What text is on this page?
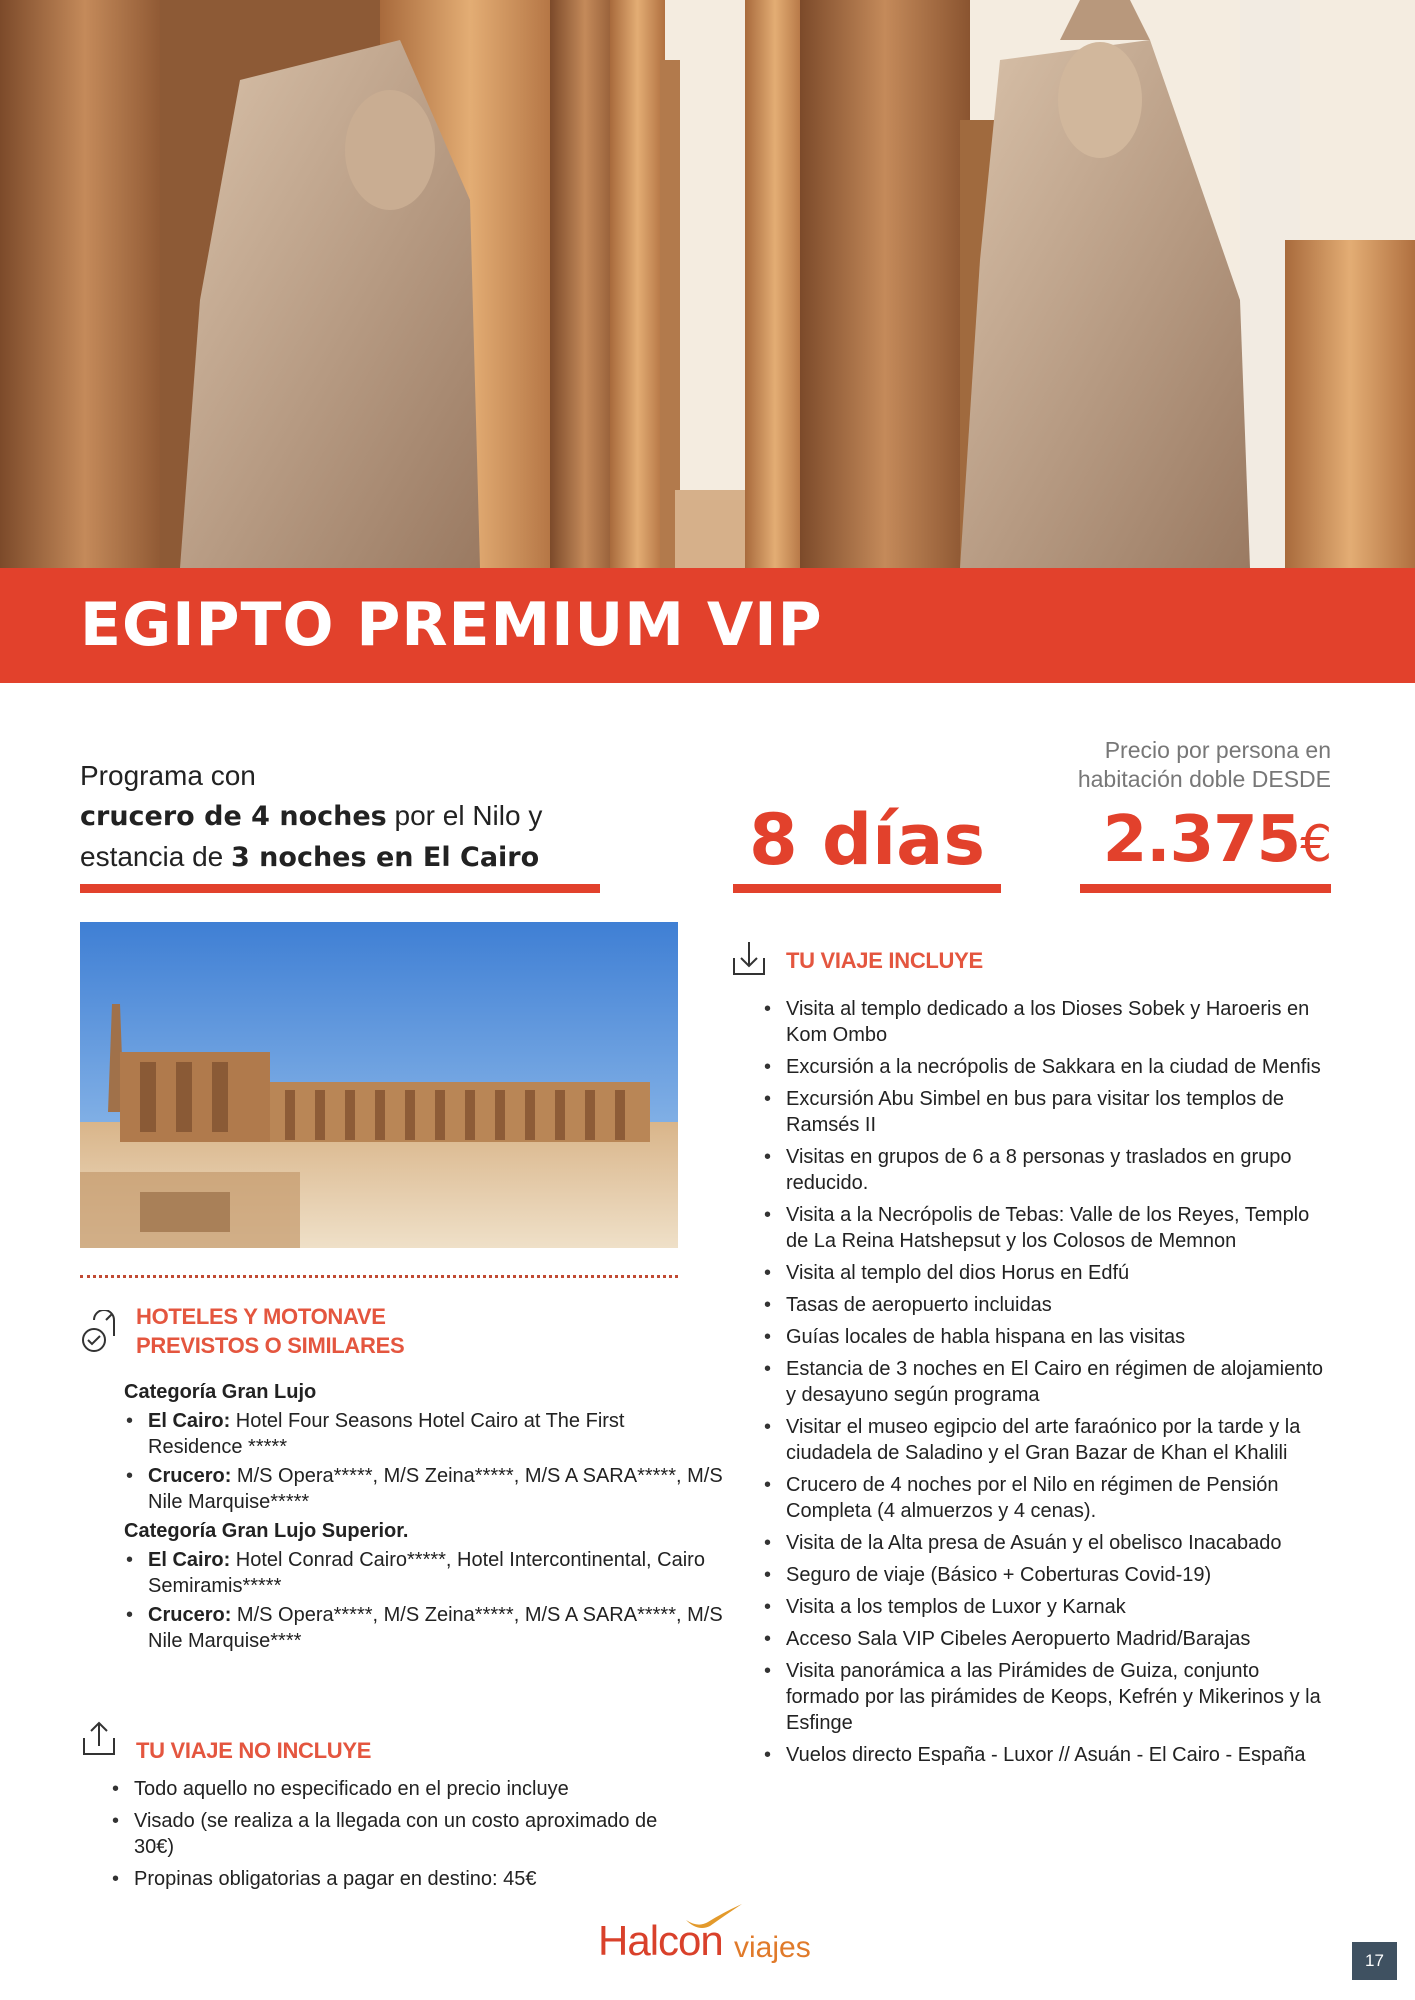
EGIPTO PREMIUM VIP
Programa con
crucero de 4 noches por el Nilo y
estancia de 3 noches en El Cairo	8 días
Precio por persona en
habitación doble DESDE
2.375€
HOTELES Y MOTONAVE
PREVISTOS O SIMILARES
Categoría Gran Lujo
• El Cairo: Hotel Four Seasons Hotel Cairo at The First Residence *****
• Crucero: M/S Opera*****, M/S Zeina*****, M/S A SARA*****, M/S Nile Marquise*****
Categoría Gran Lujo Superior.
• El Cairo: Hotel Conrad Cairo*****, Hotel Intercontinental, Cairo Semiramis*****
• Crucero: M/S Opera*****, M/S Zeina*****, M/S A SARA*****, M/S Nile Marquise****
TU VIAJE NO INCLUYE
• Todo aquello no especificado en el precio incluye
• Visado (se realiza a la llegada con un costo aproximado de 30€)
• Propinas obligatorias a pagar en destino: 45€
TU VIAJE INCLUYE
• Visita al templo dedicado a los Dioses Sobek y Haroeris en Kom Ombo
• Excursión a la necrópolis de Sakkara en la ciudad de Menfis
• Excursión Abu Simbel en bus para visitar los templos de Ramsés II
• Visitas en grupos de 6 a 8 personas y traslados en grupo reducido.
• Visita a la Necrópolis de Tebas: Valle de los Reyes, Templo de La Reina Hatshepsut y los Colosos de Memnon
• Visita al templo del dios Horus en Edfú
• Tasas de aeropuerto incluidas
• Guías locales de habla hispana en las visitas
• Estancia de 3 noches en El Cairo en régimen de alojamiento y desayuno según programa
• Visitar el museo egipcio del arte faraónico por la tarde y la ciudadela de Saladino y el Gran Bazar de Khan el Khalili
• Crucero de 4 noches por el Nilo en régimen de Pensión Completa (4 almuerzos y 4 cenas).
• Visita de la Alta presa de Asuán y el obelisco Inacabado
• Seguro de viaje (Básico + Coberturas Covid-19)
• Visita a los templos de Luxor y Karnak
• Acceso Sala VIP Cibeles Aeropuerto Madrid/Barajas
• Visita panorámica a las Pirámides de Guiza, conjunto formado por las pirámides de Keops, Kefrén y Mikerinos y la Esfinge
• Vuelos directo España - Luxor // Asuán - El Cairo - España
Halcon viajes	17
